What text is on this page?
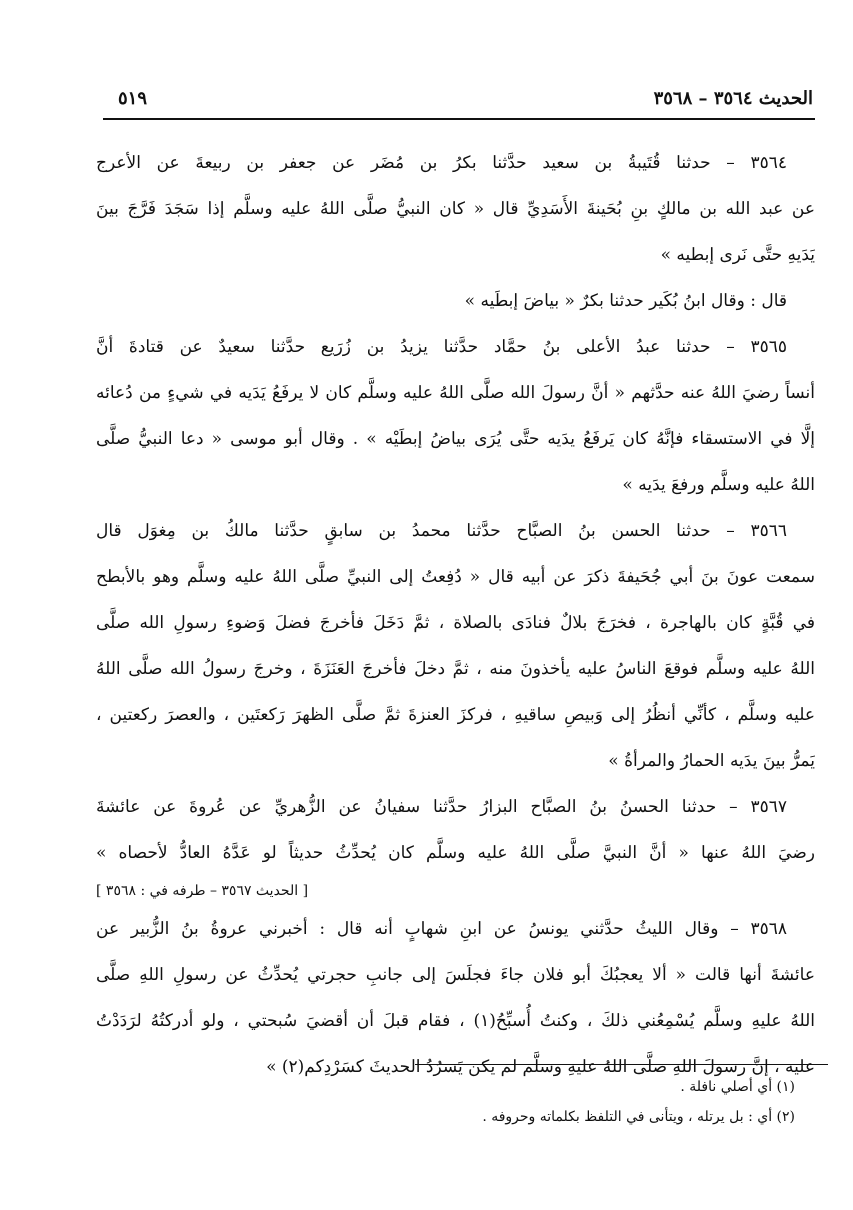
الحديث ٣٥٦٤ – ٣٥٦٨
٥١٩
٣٥٦٤ – حدثنا قُتَيبةُ بن سعيد حدَّثنا بكرُ بن مُضَر عن جعفر بن ربيعةَ عن الأعرج
عن عبد الله بن مالكٍ بنِ بُحَينةَ الأَسَدِيِّ قال « كان النبيُّ صلَّى اللهُ عليه وسلَّم إذا سَجَدَ فَرَّجَ بينَ
يَدَيهِ حتَّى نَرى إبطيه »
قال : وقال ابنُ بُكَير حدثنا بكرٌ « بياضَ إبطَيه »
٣٥٦٥ – حدثنا عبدُ الأعلى بنُ حمَّاد حدَّثنا يزيدُ بن زُرَيع حدَّثنا سعيدٌ عن قتادةَ أنَّ
أنساً رضيَ اللهُ عنه حدَّثهم « أنَّ رسولَ الله صلَّى اللهُ عليه وسلَّم كان لا يرفَعُ يَدَيه في شيءٍ من دُعائه
إلَّا في الاستسقاء فإنَّهُ كان يَرفَعُ يدَيه حتَّى يُرَى بياضُ إبطَيْه » . وقال أبو موسى « دعا النبيُّ صلَّى
اللهُ عليه وسلَّم ورفعَ يدَيه »
٣٥٦٦ – حدثنا الحسن بنُ الصبَّاح حدَّثنا محمدُ بن سابقٍ حدَّثنا مالكُ بن مِغوَل قال
سمعت عونَ بنَ أبي جُحَيفةَ ذكرَ عن أبيه قال « دُفِعتُ إلى النبيِّ صلَّى اللهُ عليه وسلَّم وهو بالأبطح
في قُبَّةٍ كان بالهاجرة ، فخرَجَ بلالٌ فنادَى بالصلاة ، ثمَّ دَخَلَ فأخرجَ فضلَ وَضوءِ رسولِ الله صلَّى
اللهُ عليه وسلَّم فوقعَ الناسُ عليه يأخذونَ منه ، ثمَّ دخلَ فأخرجَ العَنَزَةَ ، وخرجَ رسولُ الله صلَّى اللهُ
عليه وسلَّم ، كأنِّي أنظُرُ إلى وَبيصِ ساقيهِ ، فركزَ العنزةَ ثمَّ صلَّى الظهرَ رَكعتَين ، والعصرَ ركعتين ،
يَمرُّ بينَ يدَيه الحمارُ والمرأةُ »
٣٥٦٧ – حدثنا الحسنُ بنُ الصبَّاح البزارُ حدَّثنا سفيانُ عن الزُّهريِّ عن عُروةَ عن عائشةَ
رضيَ اللهُ عنها « أنَّ النبيَّ صلَّى اللهُ عليه وسلَّم كان يُحدِّثُ حديثاً لو عَدَّهُ العادُّ لأحصاه »
[ الحديث ٣٥٦٧ – طرفه في : ٣٥٦٨ ]
٣٥٦٨ – وقال الليثُ حدَّثني يونسُ عن ابنِ شهابٍ أنه قال : أخبرني عروةُ بنُ الزُّبير عن
عائشةَ أنها قالت « ألا يعجبُكَ أبو فلان جاءَ فجلَسَ إلى جانبِ حجرتي يُحدِّثُ عن رسولِ اللهِ صلَّى
اللهُ عليهِ وسلَّم يُسْمِعُني ذلكَ ، وكنتُ أُسبِّحُ(١) ، فقام قبلَ أن أقضيَ سُبحتي ، ولو أدركتُهُ لرَدَدْتُ
عليه ، إنَّ رسولَ اللهِ صلَّى اللهُ عليهِ وسلَّم لم يكن يَسرُدُ الحديثَ كسَرْدِكم(٢) »
(١) أي أصلي نافلة .
(٢) أي : بل يرتله ، ويتأنى في التلفظ بكلماته وحروفه .
